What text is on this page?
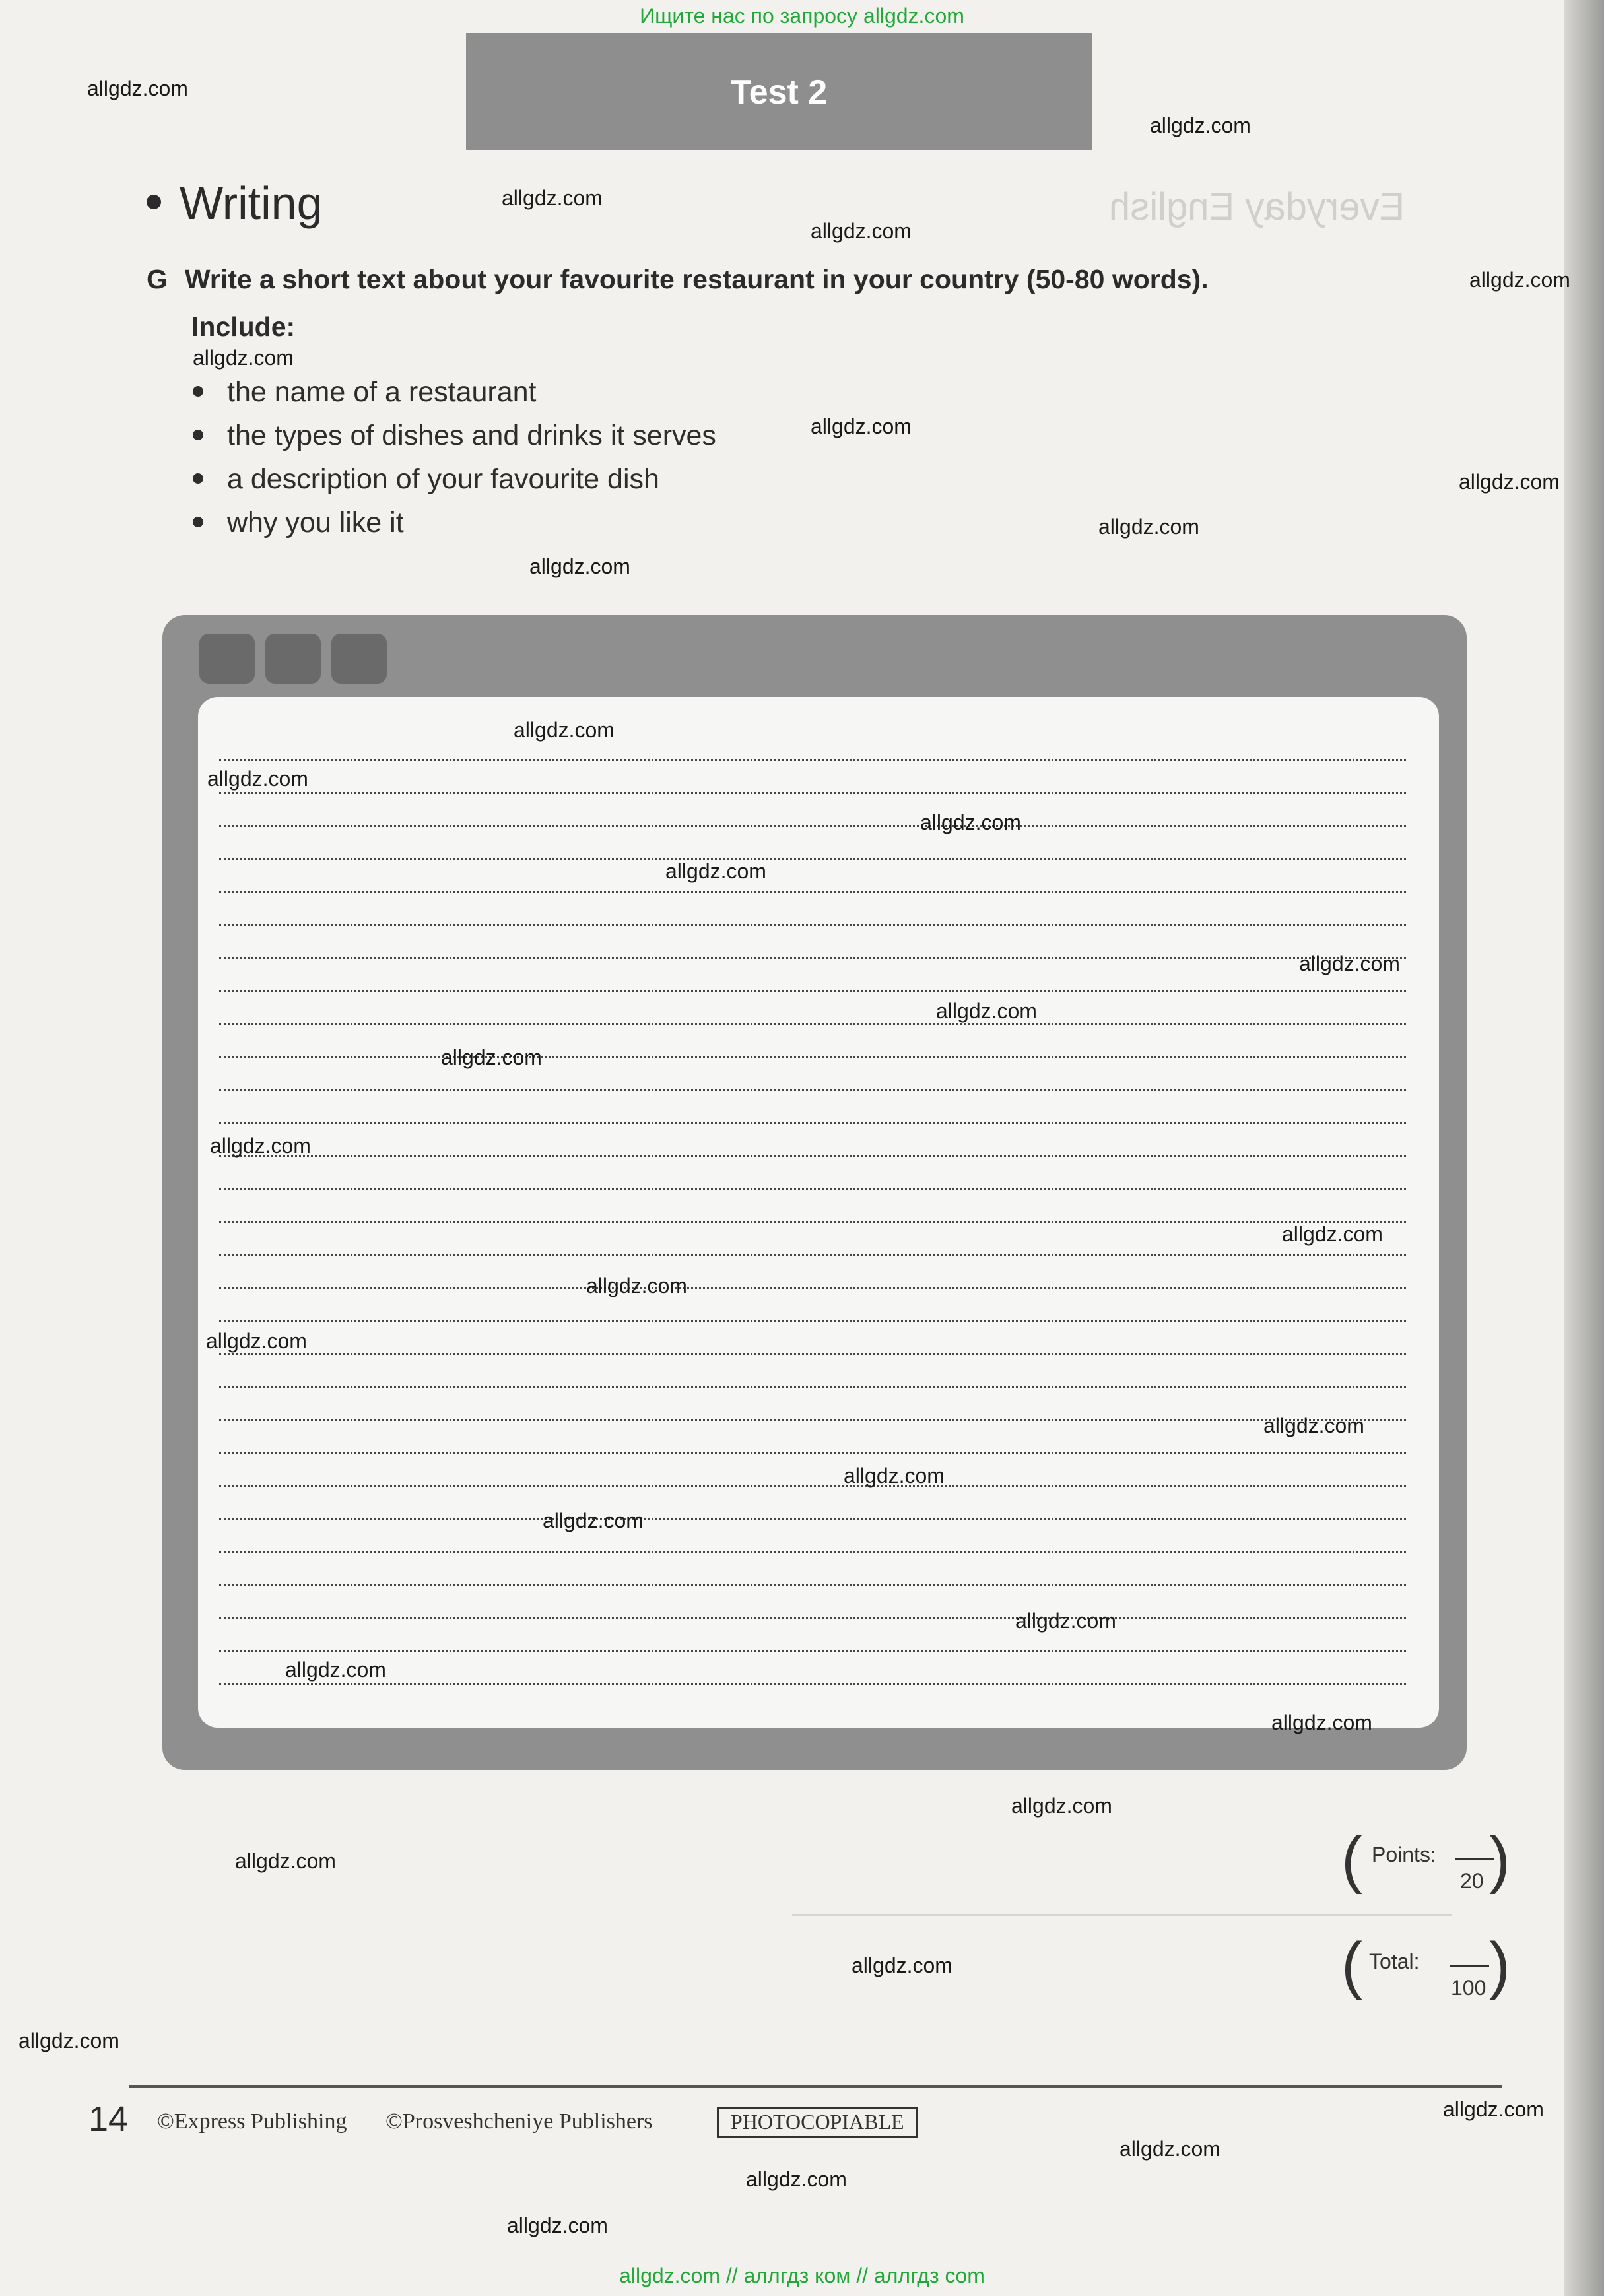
Ищите нас по запросу allgdz.com
Everyday English
Test 2
Writing
G Write a short text about your favourite restaurant in your country (50-80 words).
Include:
the name of a restaurant
the types of dishes and drinks it serves
a description of your favourite dish
why you like it
( Points:
20 )
( Total:
100 )
14 ©Express Publishing ©Prosveshcheniye Publishers	PHOTOCOPIABLE
allgdz.com
allgdz.com
allgdz.com
allgdz.com
allgdz.com
allgdz.com
allgdz.com
allgdz.com
allgdz.com
allgdz.com
allgdz.com
allgdz.com
allgdz.com
allgdz.com
allgdz.com
allgdz.com
allgdz.com
allgdz.com
allgdz.com
allgdz.com
allgdz.com
allgdz.com
allgdz.com
allgdz.com
allgdz.com
allgdz.com
allgdz.com
allgdz.com
allgdz.com
allgdz.com
allgdz.com
allgdz.com
allgdz.com
allgdz.com
allgdz.com
allgdz.com // аллгдз ком // аллгдз com
